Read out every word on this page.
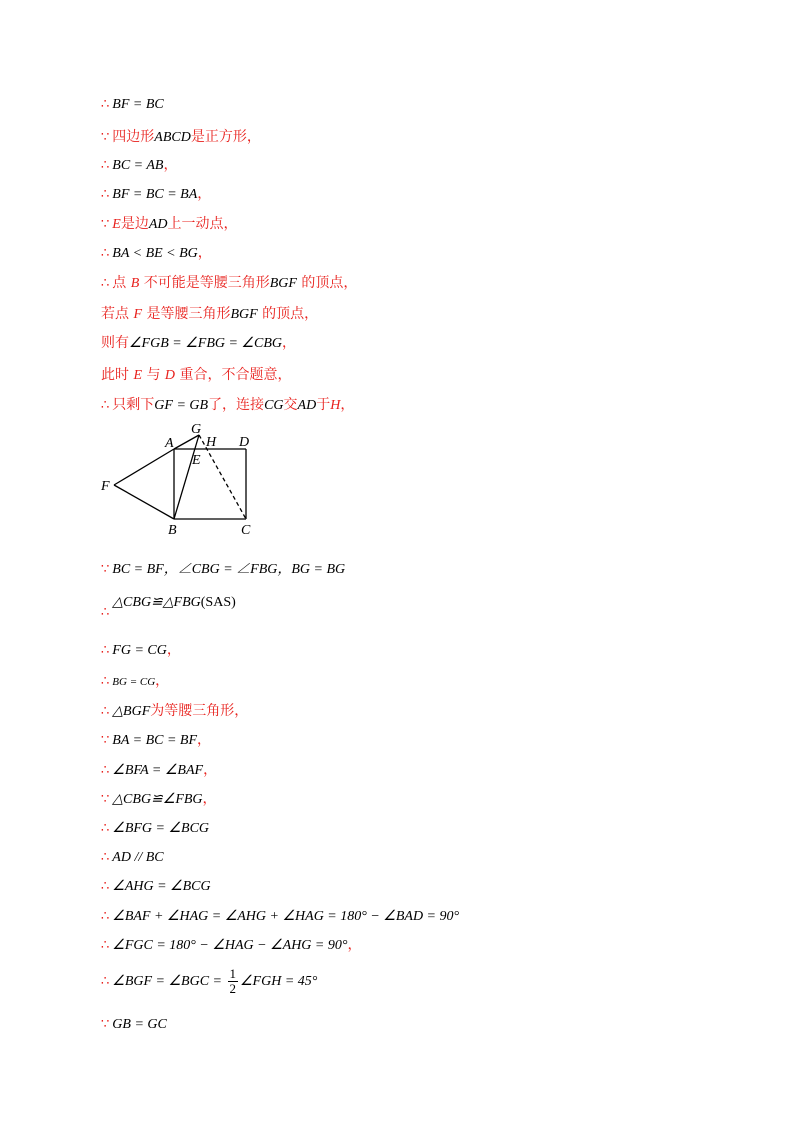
∴ BF = BC
∵ 四边形ABCD是正方形，
∴ BC = AB，
∴ BF = BC = BA，
∵ E是边AD上一动点，
∴ BA < BE < BG，
∴ 点 B 不可能是等腰三角形BGF 的顶点，
若点 F 是等腰三角形BGF 的顶点，
则有∠FGB = ∠FBG = ∠CBG，
此时 E 与 D 重合，不合题意，
∴ 只剩下GF = GB了，连接CG交AD于H，
G
A H D
E
F
B	C
∵ BC = BF，∠CBG = ∠FBG，BG = BG
∴△CBG≌△FBG(SAS)
∴ FG = CG，
∴ BG = CG，
∴ △BGF为等腰三角形，
∵ BA = BC = BF，
∴ ∠BFA = ∠BAF，
∵ △CBG≌∠FBG，
∴ ∠BFG = ∠BCG
∴ AD // BC
∴ ∠AHG = ∠BCG
∴ ∠BAF + ∠HAG = ∠AHG + ∠HAG = 180° − ∠BAD = 90°
∴ ∠FGC = 180° − ∠HAG − ∠AHG = 90°，
∴ ∠BGF = ∠BGC = $\frac{1}{2}$ ∠FGH = 45°
∵ GB = GC
